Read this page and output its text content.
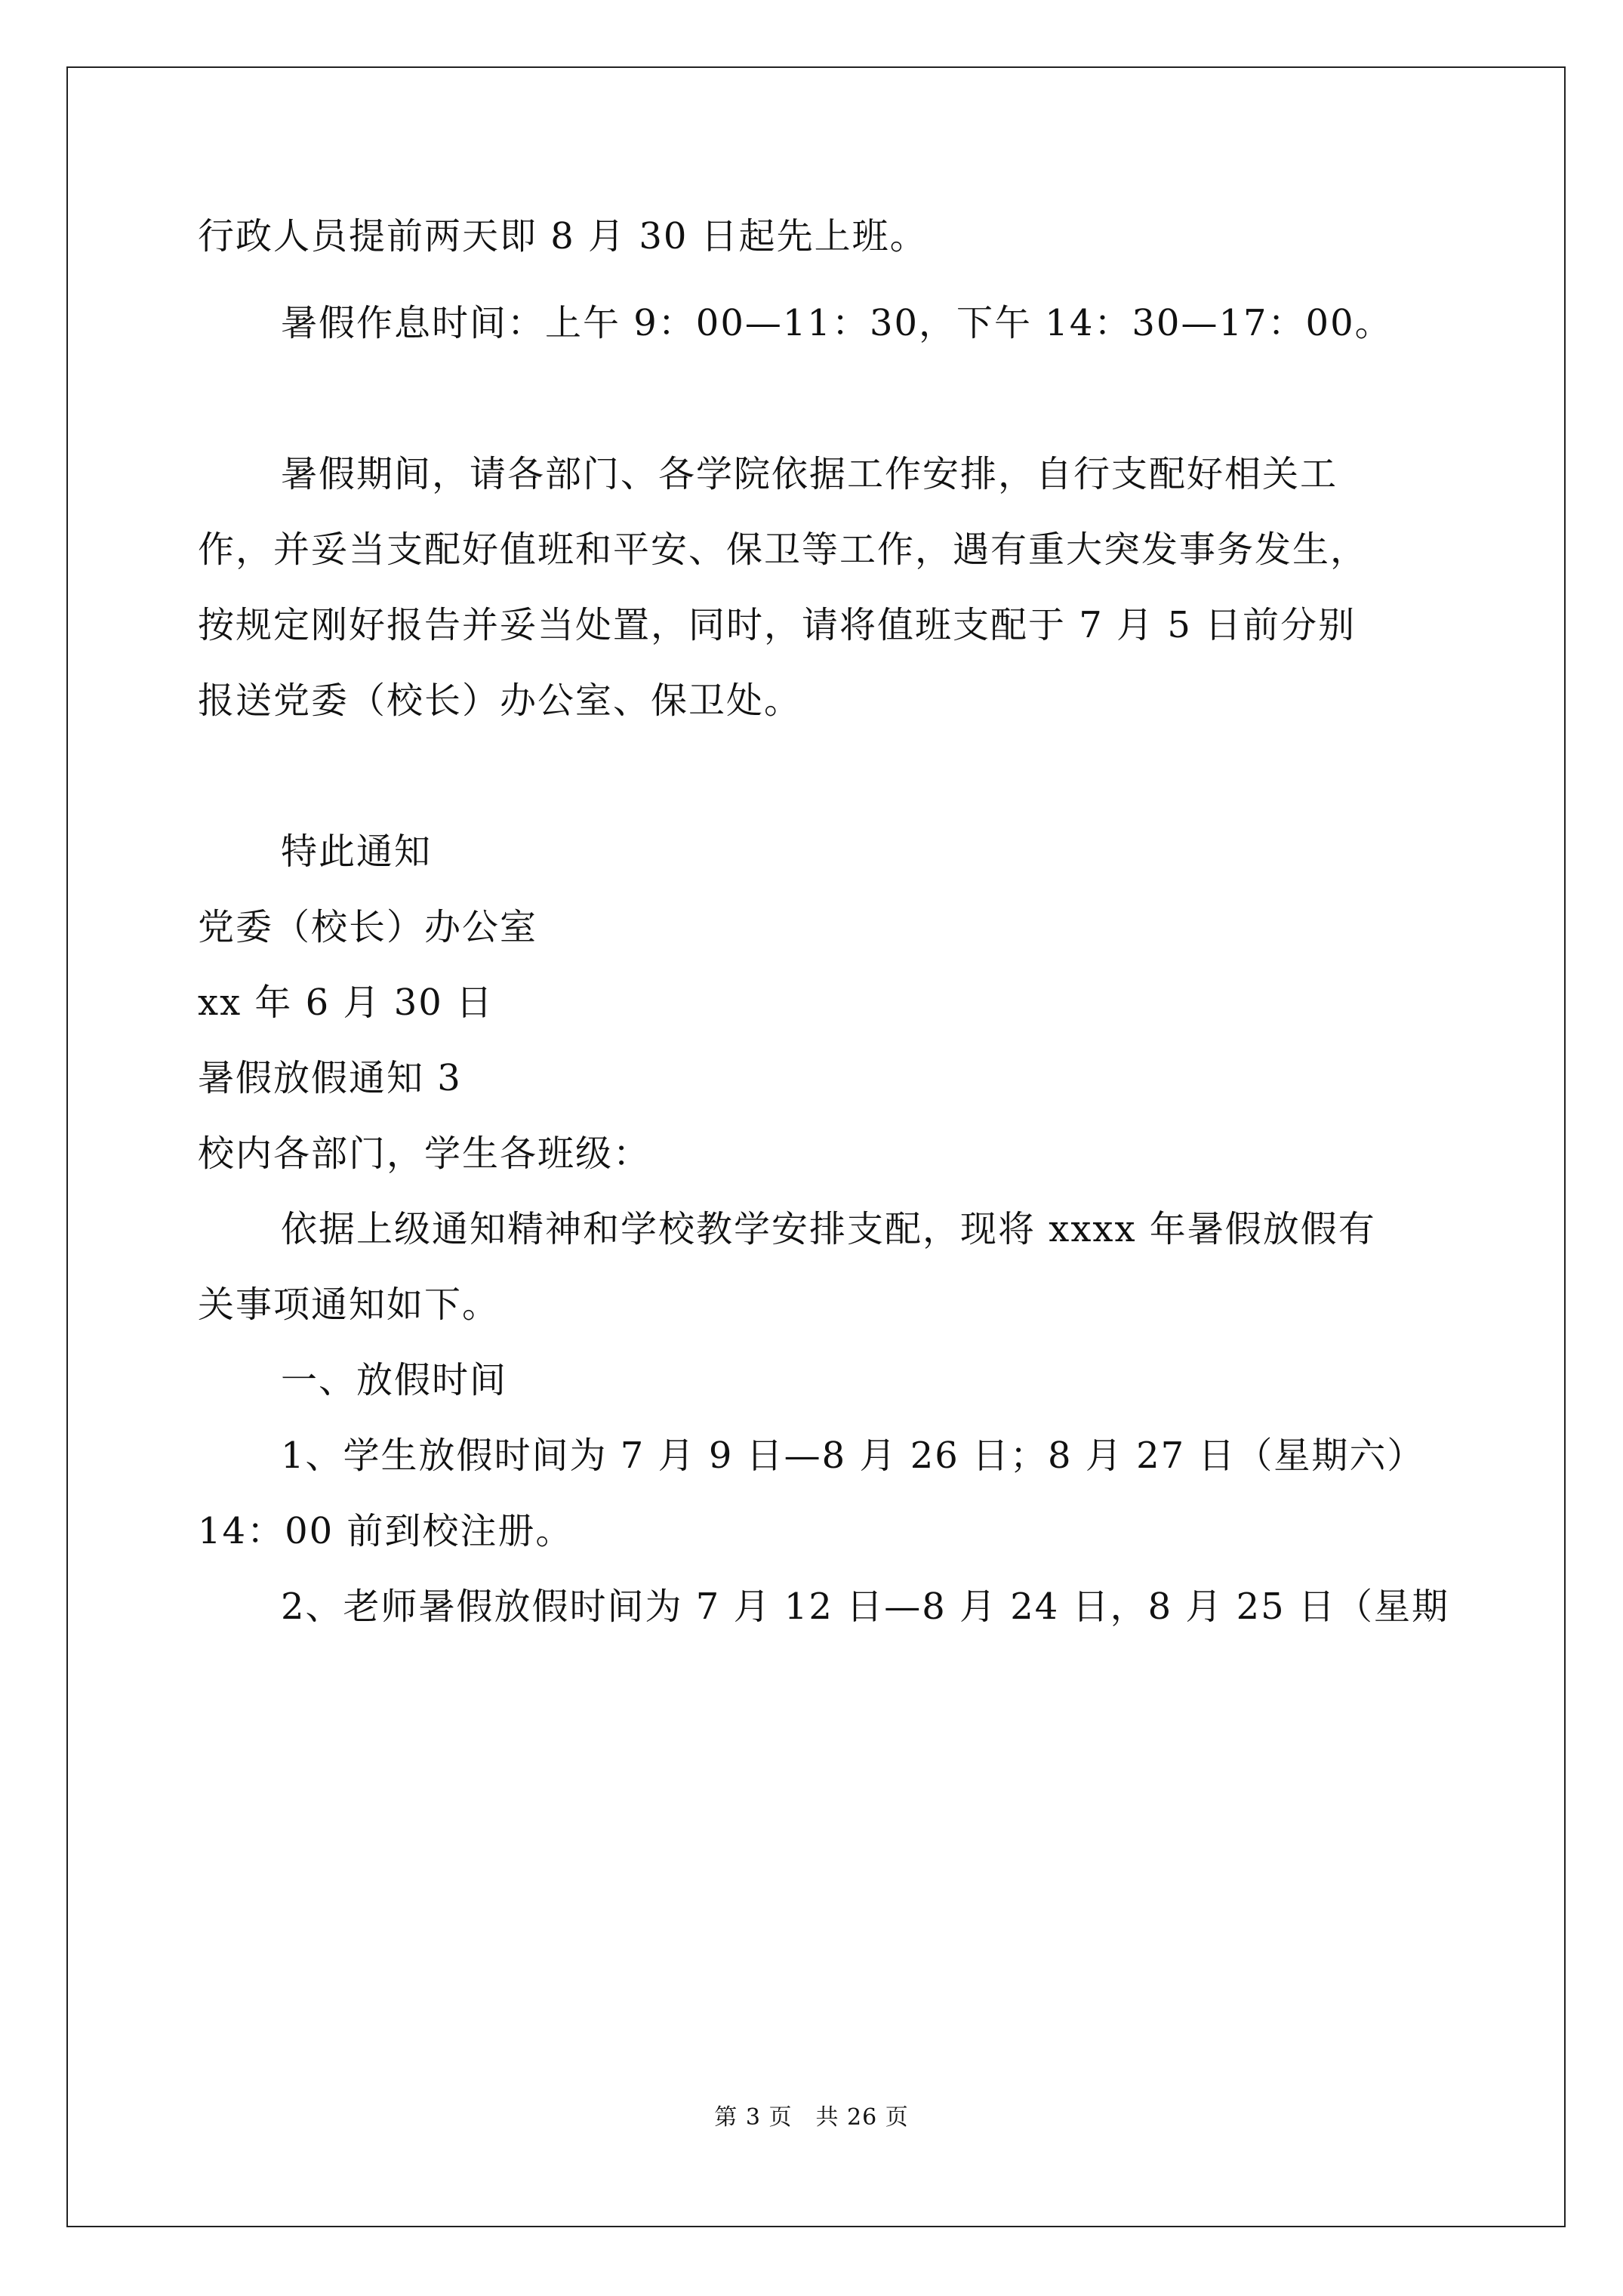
行政人员提前两天即 8 月 30 日起先上班。
暑假作息时间：上午 9：00—11：30，下午 14：30—17：00。
暑假期间，请各部门、各学院依据工作安排，自行支配好相关工
作，并妥当支配好值班和平安、保卫等工作，遇有重大突发事务发生，
按规定刚好报告并妥当处置，同时，请将值班支配于 7 月 5 日前分别
报送党委（校长）办公室、保卫处。
特此通知
党委（校长）办公室
xx 年 6 月 30 日
暑假放假通知 3
校内各部门，学生各班级：
依据上级通知精神和学校教学安排支配，现将 xxxx 年暑假放假有
关事项通知如下。
一、放假时间
1、学生放假时间为 7 月 9 日—8 月 26 日；8 月 27 日（星期六）
14：00 前到校注册。
2、老师暑假放假时间为 7 月 12 日—8 月 24 日，8 月 25 日（星期
第 3 页　共 26 页
